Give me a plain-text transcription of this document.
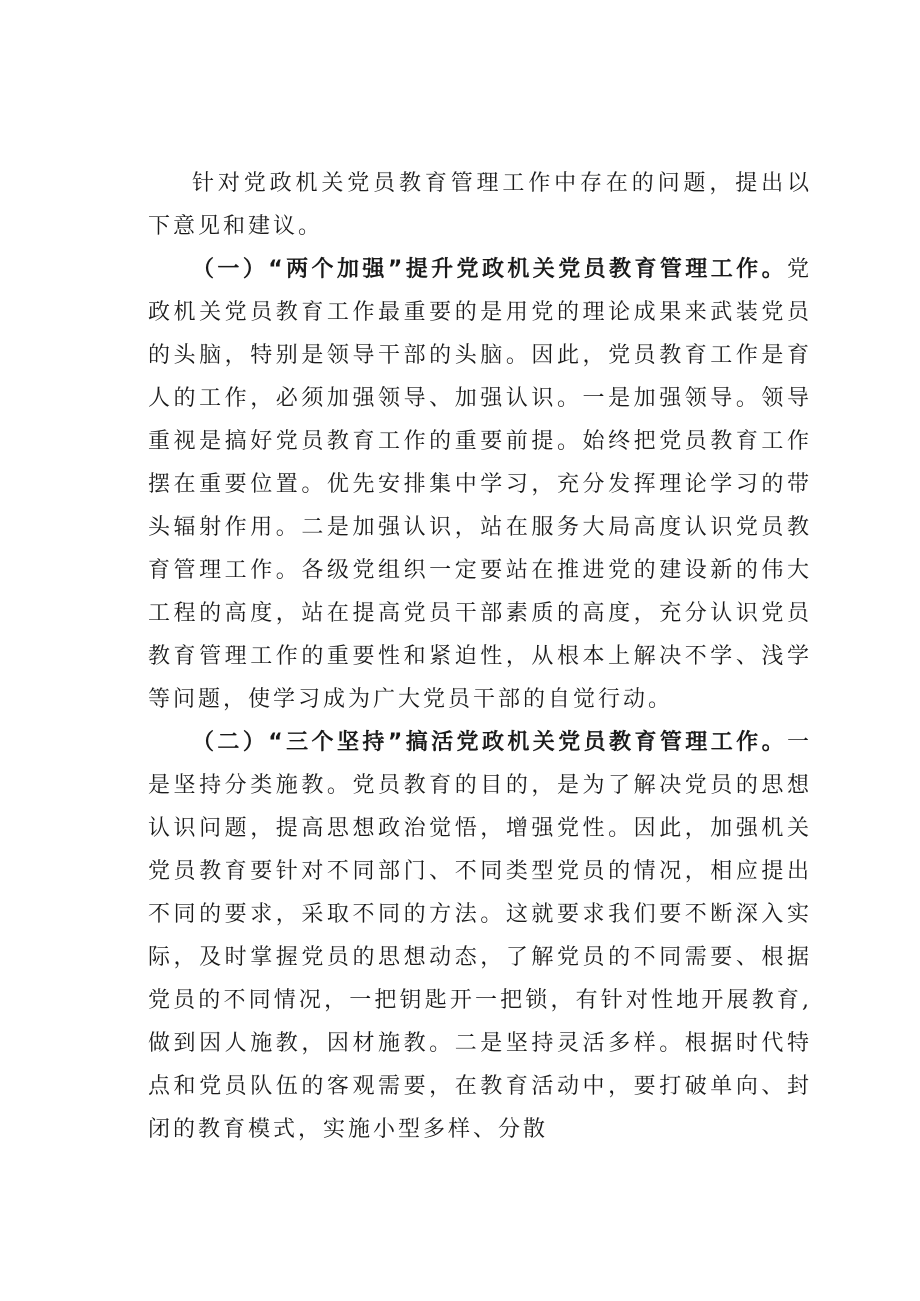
针对党政机关党员教育管理工作中存在的问题，提出以下意见和建议。

（一）“两个加强”提升党政机关党员教育管理工作。党政机关党员教育工作最重要的是用党的理论成果来武装党员的头脑，特别是领导干部的头脑。因此，党员教育工作是育人的工作，必须加强领导、加强认识。一是加强领导。领导重视是搞好党员教育工作的重要前提。始终把党员教育工作摆在重要位置。优先安排集中学习，充分发挥理论学习的带头辐射作用。二是加强认识，站在服务大局高度认识党员教育管理工作。各级党组织一定要站在推进党的建设新的伟大工程的高度，站在提高党员干部素质的高度，充分认识党员教育管理工作的重要性和紧迫性，从根本上解决不学、浅学等问题，使学习成为广大党员干部的自觉行动。

（二）“三个坚持”搞活党政机关党员教育管理工作。一是坚持分类施教。党员教育的目的，是为了解决党员的思想认识问题，提高思想政治觉悟，增强党性。因此，加强机关党员教育要针对不同部门、不同类型党员的情况，相应提出不同的要求，采取不同的方法。这就要求我们要不断深入实际，及时掌握党员的思想动态，了解党员的不同需要、根据党员的不同情况，一把钥匙开一把锁，有针对性地开展教育,做到因人施教，因材施教。二是坚持灵活多样。根据时代特点和党员队伍的客观需要，在教育活动中，要打破单向、封闭的教育模式，实施小型多样、分散
